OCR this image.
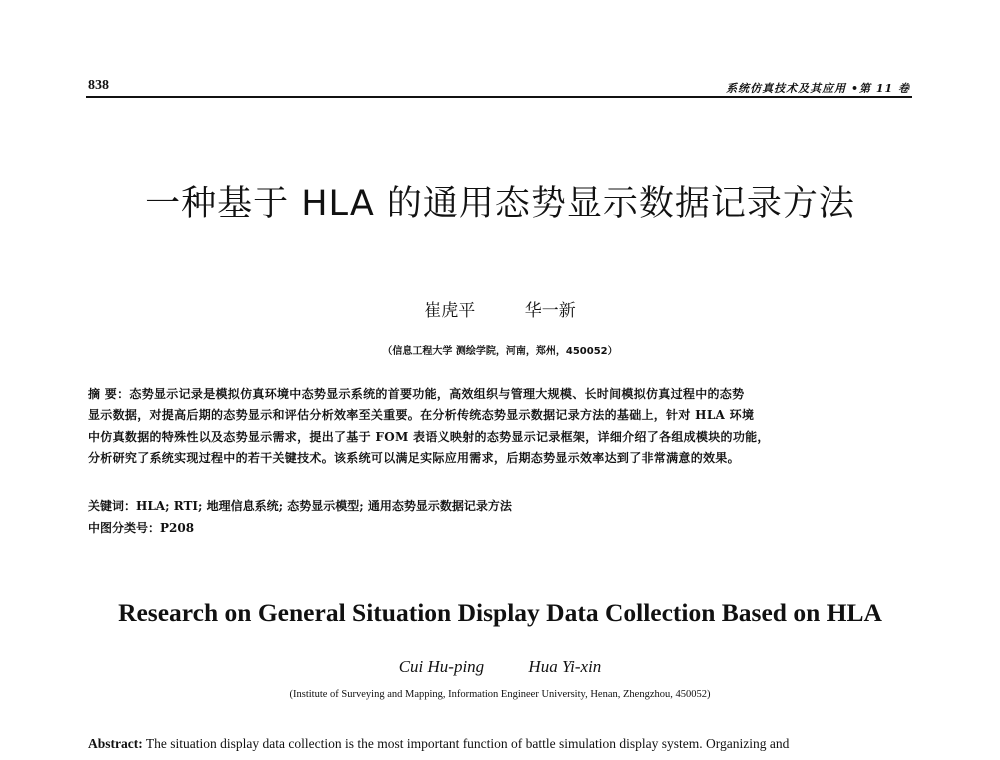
838	系统仿真技术及其应用 •第 11 卷
一种基于 HLA 的通用态势显示数据记录方法
崔虎平	华一新
（信息工程大学 测绘学院，河南，郑州，450052）
摘 要：态势显示记录是模拟仿真环境中态势显示系统的首要功能，高效组织与管理大规模、长时间模拟仿真过程中的态势
显示数据，对提高后期的态势显示和评估分析效率至关重要。在分析传统态势显示数据记录方法的基础上，针对 HLA 环境
中仿真数据的特殊性以及态势显示需求，提出了基于 FOM 表语义映射的态势显示记录框架，详细介绍了各组成模块的功能，
分析研究了系统实现过程中的若干关键技术。该系统可以满足实际应用需求，后期态势显示效率达到了非常满意的效果。
关键词：HLA; RTI; 地理信息系统; 态势显示模型; 通用态势显示数据记录方法
中图分类号：P208
Research on General Situation Display Data Collection Based on HLA
Cui Hu-ping	Hua Yi-xin
(Institute of Surveying and Mapping, Information Engineer University, Henan, Zhengzhou, 450052)
Abstract: The situation display data collection is the most important function of battle simulation display system. Organizing and
